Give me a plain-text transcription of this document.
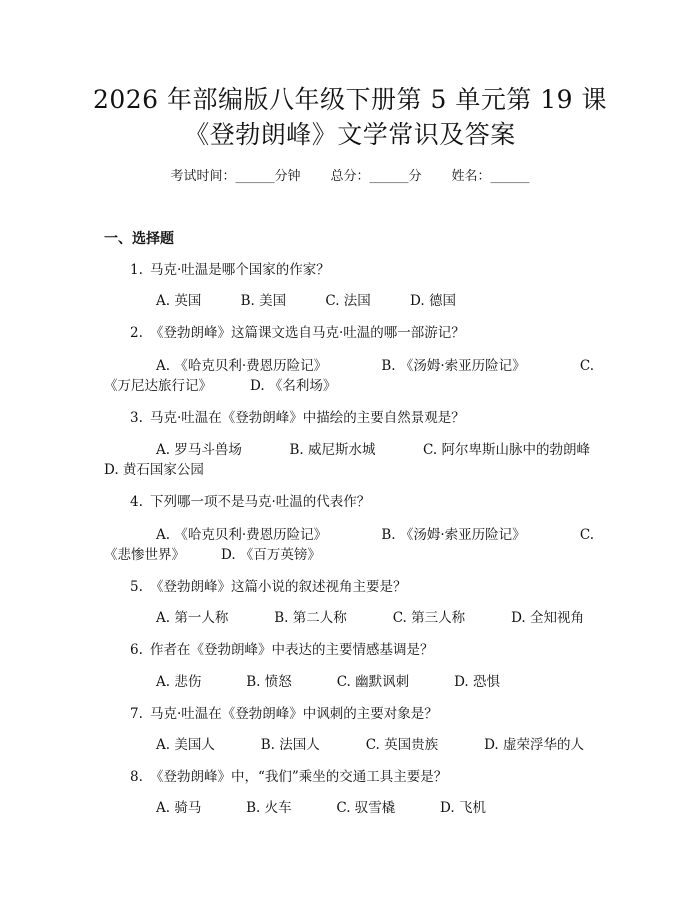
2026 年部编版八年级下册第 5 单元第 19 课
《登勃朗峰》文学常识及答案
考试时间：______分钟 总分：______分 姓名：______
一、选择题
1. 马克·吐温是哪个国家的作家？
A. 英国	B. 美国	C. 法国	D. 德国
2. 《登勃朗峰》这篇课文选自马克·吐温的哪一部游记？
A. 《哈克贝利·费恩历险记》	B. 《汤姆·索亚历险记》	C.
《万尼达旅行记》	D. 《名利场》
3. 马克·吐温在《登勃朗峰》中描绘的主要自然景观是？
A. 罗马斗兽场	B. 威尼斯水城	C. 阿尔卑斯山脉中的勃朗峰
D. 黄石国家公园
4. 下列哪一项不是马克·吐温的代表作？
A. 《哈克贝利·费恩历险记》	B. 《汤姆·索亚历险记》	C.
《悲惨世界》	D. 《百万英镑》
5. 《登勃朗峰》这篇小说的叙述视角主要是？
A. 第一人称	B. 第二人称	C. 第三人称	D. 全知视角
6. 作者在《登勃朗峰》中表达的主要情感基调是？
A. 悲伤	B. 愤怒	C. 幽默讽刺	D. 恐惧
7. 马克·吐温在《登勃朗峰》中讽刺的主要对象是？
A. 美国人	B. 法国人	C. 英国贵族	D. 虚荣浮华的人
8. 《登勃朗峰》中，“我们”乘坐的交通工具主要是？
A. 骑马	B. 火车	C. 驭雪橇	D. 飞机
